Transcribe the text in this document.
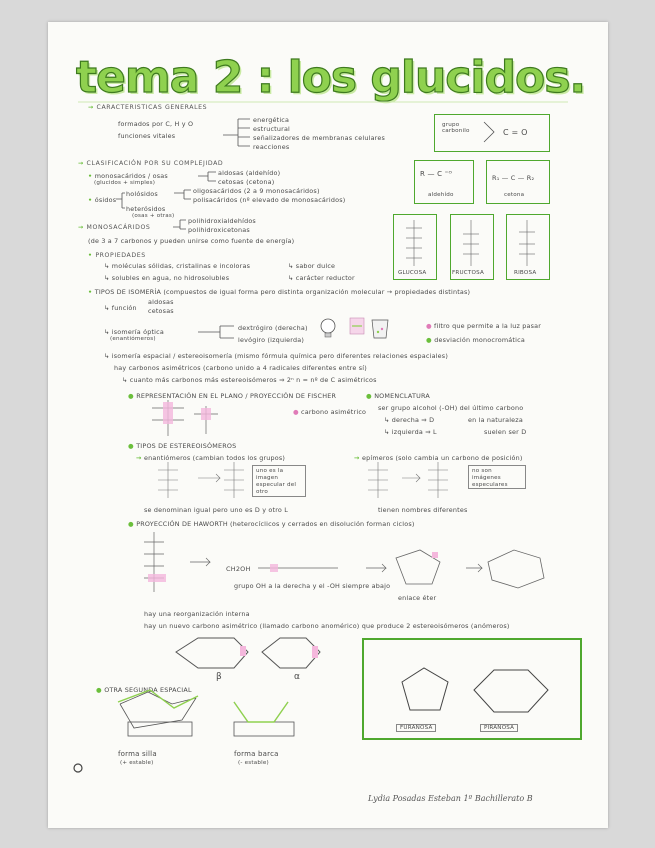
tema 2 : los glucidos.
→ CARACTERISTICAS GENERALES
formados por C, H y O
funciones vitales
energética
estructural
señalizadores de membranas celulares
reacciones
grupo carbonilo	C = O
→ CLASIFICACIÓN POR SU COMPLEJIDAD
• monosacáridos / osas
(glucidos + simples)
aldosas (aldehído)
cetosas (cetona)
• ósidos
holósidos	oligosacáridos (2 a 9 monosacáridos)
polisacáridos (nº elevado de monosacáridos)
heterósidos
(osas + otras)
R — C ⁼ᴼ
aldehído
R₁ — C — R₂
cetona
→ MONOSACÁRIDOS
polihidroxialdehídos
polihidroxicetonas
(de 3 a 7 carbonos y pueden unirse como fuente de energía)
GLUCOSA	FRUCTOSA	RIBOSA
• PROPIEDADES
↳ moléculas sólidas, cristalinas e incoloras	↳ sabor dulce
↳ solubles en agua, no hidrosolubles	↳ carácter reductor
• TIPOS DE ISOMERÍA (compuestos de igual forma pero distinta organización molecular → propiedades distintas)
↳ función
aldosas
cetosas
↳ isomería óptica
(enantiómeros)
dextrógiro (derecha)
levógiro (izquierda)
● filtro que permite a la luz pasar
● desviación monocromática
↳ isomería espacial / estereoisomería (mismo fórmula química pero diferentes relaciones espaciales)
hay carbonos asimétricos (carbono unido a 4 radicales diferentes entre sí)
↳ cuanto más carbonos más estereoisómeros ⇒ 2ⁿ n = nº de C asimétricos
● REPRESENTACIÓN EN EL PLANO / PROYECCIÓN DE FISCHER
● carbono asimétrico
● NOMENCLATURA
ser grupo alcohol (-OH) del último carbono
↳ derecha ⇒ D	en la naturaleza
↳ izquierda ⇒ L	suelen ser D
● TIPOS DE ESTEREOISÓMEROS
→ enantiómeros (cambian todos los grupos)
uno es la imagen especular del otro
→ epímeros (solo cambia un carbono de posición)
no son imágenes especulares
se denominan igual pero uno es D y otro L	tienen nombres diferentes
● PROYECCIÓN DE HAWORTH (heterocíclicos y cerrados en disolución forman ciclos)
CH2OH
grupo OH a la derecha y el -OH siempre abajo
enlace éter
hay una reorganización interna
hay un nuevo carbono asimétrico (llamado carbono anomérico) que produce 2 estereoisómeros (anómeros)
β	α
FURANOSA	PIRANOSA
● OTRA SEGUNDA ESPACIAL
forma silla
(+ estable)
forma barca
(- estable)
Lydia Posadas Esteban 1º Bachillerato B
